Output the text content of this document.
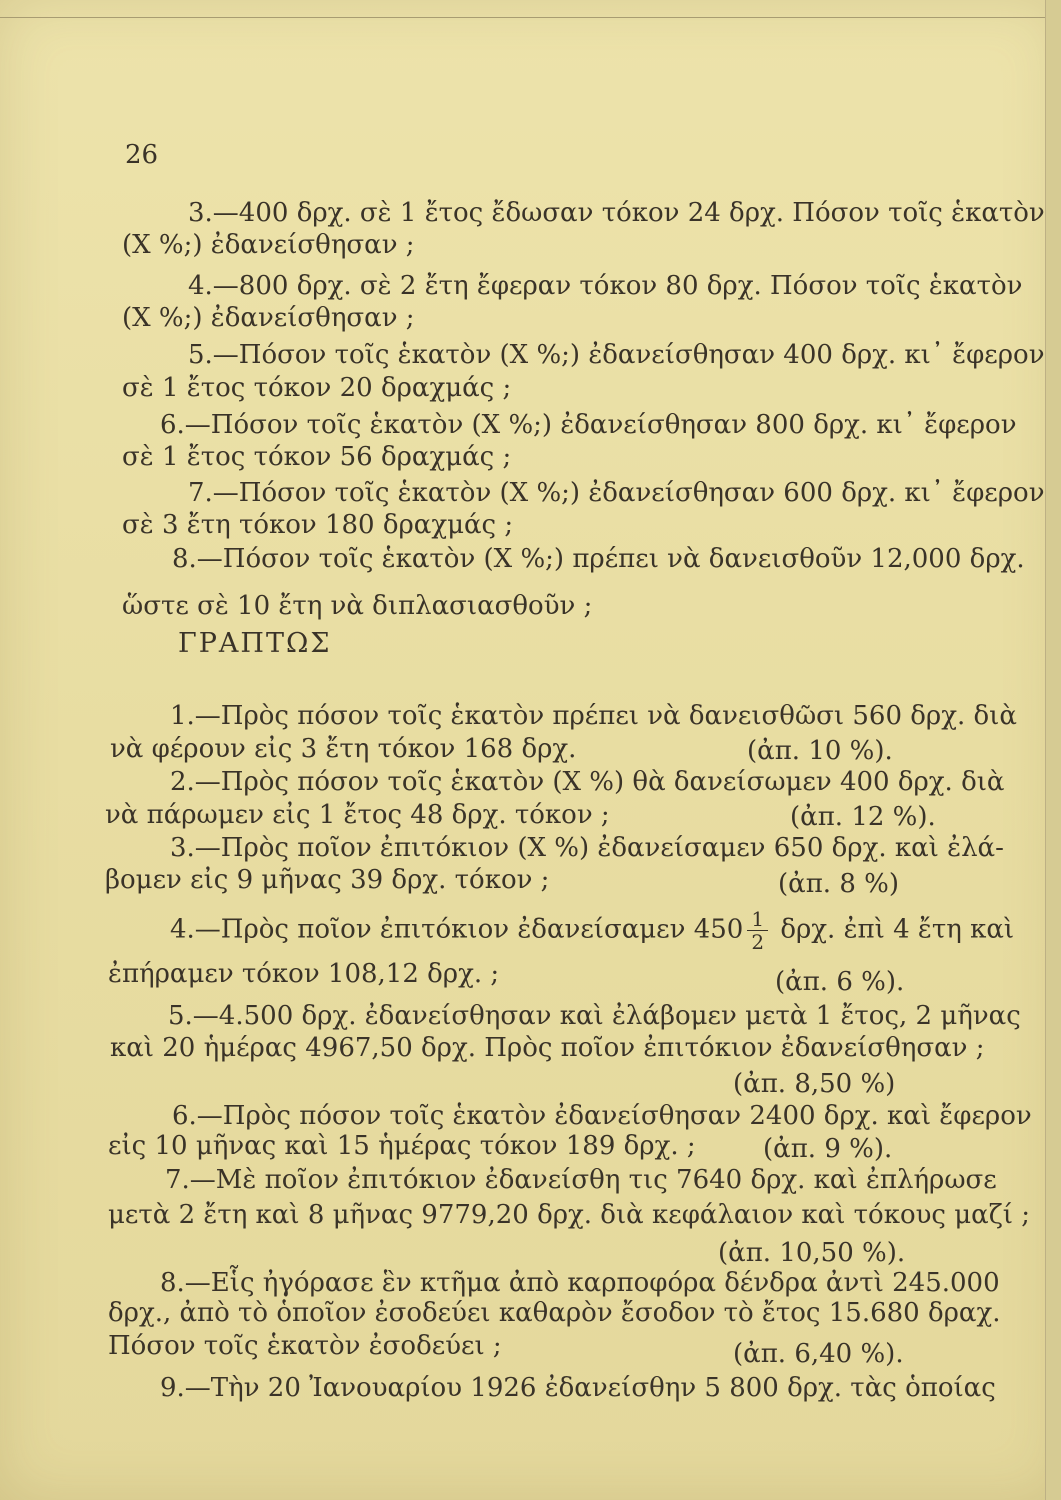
26
3.—400 δρχ. σὲ 1 ἔτος ἔδωσαν τόκον 24 δρχ. Πόσον τοῖς ἑκατὸν
(Χ %;) ἐδανείσθησαν ;
4.—800 δρχ. σὲ 2 ἔτη ἔφεραν τόκον 80 δρχ. Πόσον τοῖς ἑκατὸν
(Χ %;) ἐδανείσθησαν ;
5.—Πόσον τοῖς ἑκατὸν (Χ %;) ἐδανείσθησαν 400 δρχ. κι᾽ ἔφερον
σὲ 1 ἔτος τόκον 20 δραχμάς ;
6.—Πόσον τοῖς ἑκατὸν (Χ %;) ἐδανείσθησαν 800 δρχ. κι᾽ ἔφερον
σὲ 1 ἔτος τόκον 56 δραχμάς ;
7.—Πόσον τοῖς ἑκατὸν (Χ %;) ἐδανείσθησαν 600 δρχ. κι᾽ ἔφερον
σὲ 3 ἔτη τόκον 180 δραχμάς ;
8.—Πόσον τοῖς ἑκατὸν (Χ %;) πρέπει νὰ δανεισθοῦν 12,000 δρχ.
ὥστε σὲ 10 ἔτη νὰ διπλασιασθοῦν ;
ΓΡΑΠΤΩΣ
1.—Πρὸς πόσον τοῖς ἑκατὸν πρέπει νὰ δανεισθῶσι 560 δρχ. διὰ
νὰ φέρουν εἰς 3 ἔτη τόκον 168 δρχ.	(ἀπ. 10 %).
2.—Πρὸς πόσον τοῖς ἑκατὸν (Χ %) θὰ δανείσωμεν 400 δρχ. διὰ
νὰ πάρωμεν εἰς 1 ἔτος 48 δρχ. τόκον ;	(ἀπ. 12 %).
3.—Πρὸς ποῖον ἐπιτόκιον (Χ %) ἐδανείσαμεν 650 δρχ. καὶ ἐλά-
βομεν εἰς 9 μῆνας 39 δρχ. τόκον ;	(ἀπ. 8 %)
4.—Πρὸς ποῖον ἐπιτόκιον ἐδανείσαμεν $450 \frac{1}{2} \delta\rho\chi$. ἐπὶ 4 ἔτη καὶ
ἐπήραμεν τόκον 108,12 δρχ. ;	(ἀπ. 6 %).
5.—4.500 δρχ. ἐδανείσθησαν καὶ ἐλάβομεν μετὰ 1 ἔτος, 2 μῆνας
καὶ 20 ἡμέρας 4967,50 δρχ. Πρὸς ποῖον ἐπιτόκιον ἐδανείσθησαν ;
(ἀπ. 8,50 %)
6.—Πρὸς πόσον τοῖς ἑκατὸν ἐδανείσθησαν 2400 δρχ. καὶ ἔφερον
εἰς 10 μῆνας καὶ 15 ἡμέρας τόκον 189 δρχ. ;	(ἀπ. 9 %).
7.—Μὲ ποῖον ἐπιτόκιον ἐδανείσθη τις 7640 δρχ. καὶ ἐπλήρωσε
μετὰ 2 ἔτη καὶ 8 μῆνας 9779,20 δρχ. διὰ κεφάλαιον καὶ τόκους μαζί ;
(ἀπ. 10,50 %).
8.—Εἷς ἠγόρασε ἓν κτῆμα ἀπὸ καρποφόρα δένδρα ἀντὶ 245.000
δρχ., ἀπὸ τὸ ὁποῖον ἐσοδεύει καθαρὸν ἔσοδον τὸ ἔτος 15.680 δραχ.
Πόσον τοῖς ἑκατὸν ἐσοδεύει ;	(ἀπ. 6,40 %).
9.—Τὴν 20 Ἰανουαρίου 1926 ἐδανείσθην 5 800 δρχ. τὰς ὁποίας
